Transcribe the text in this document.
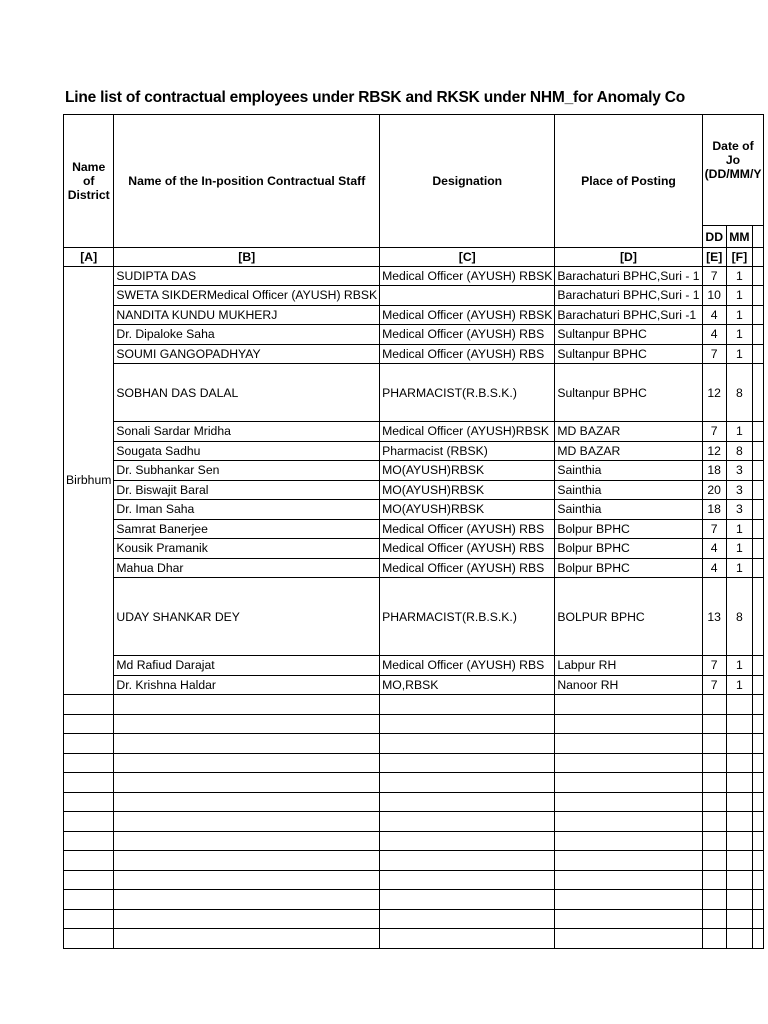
Line list of contractual employees under RBSK and RKSK under NHM_for Anomaly Co
Name of District	Name of the In-position Contractual Staff	Designation	Place of Posting	Date of Jo
(DD/MM/Y		

				DD	MM	
[A]	[B]	[C]	[D]	[E]	[F]	
Birbhum	SUDIPTA DAS	Medical Officer (AYUSH) RBSK	Barachaturi BPHC,Suri - 1	7	1	
	SWETA SIKDERMedical Officer (AYUSH) RBSK		Barachaturi BPHC,Suri - 1	10	1	
	NANDITA KUNDU MUKHERJ	Medical Officer (AYUSH) RBSK	Barachaturi BPHC,Suri -1	4	1	
	Dr. Dipaloke Saha	Medical Officer (AYUSH) RBS	Sultanpur BPHC	4	1	
	SOUMI GANGOPADHYAY	Medical Officer (AYUSH) RBS	Sultanpur BPHC	7	1	
	SOBHAN DAS DALAL	PHARMACIST(R.B.S.K.)	Sultanpur BPHC	12	8	
	Sonali Sardar Mridha	Medical Officer (AYUSH)RBSK	MD BAZAR	7	1	
	Sougata Sadhu	Pharmacist (RBSK)	MD BAZAR	12	8	
	Dr. Subhankar Sen	MO(AYUSH)RBSK	Sainthia	18	3	
	Dr. Biswajit Baral	MO(AYUSH)RBSK	Sainthia	20	3	
	Dr. Iman Saha	MO(AYUSH)RBSK	Sainthia	18	3	
	Samrat Banerjee	Medical Officer (AYUSH) RBS	Bolpur BPHC	7	1	
	Kousik Pramanik	Medical Officer (AYUSH) RBS	Bolpur BPHC	4	1	
	Mahua Dhar	Medical Officer (AYUSH) RBS	Bolpur BPHC	4	1	
	UDAY SHANKAR DEY	PHARMACIST(R.B.S.K.)	BOLPUR BPHC	13	8	
	Md Rafiud Darajat	Medical Officer (AYUSH) RBS	Labpur RH	7	1	
	Dr. Krishna Haldar	MO,RBSK	Nanoor RH	7	1	
